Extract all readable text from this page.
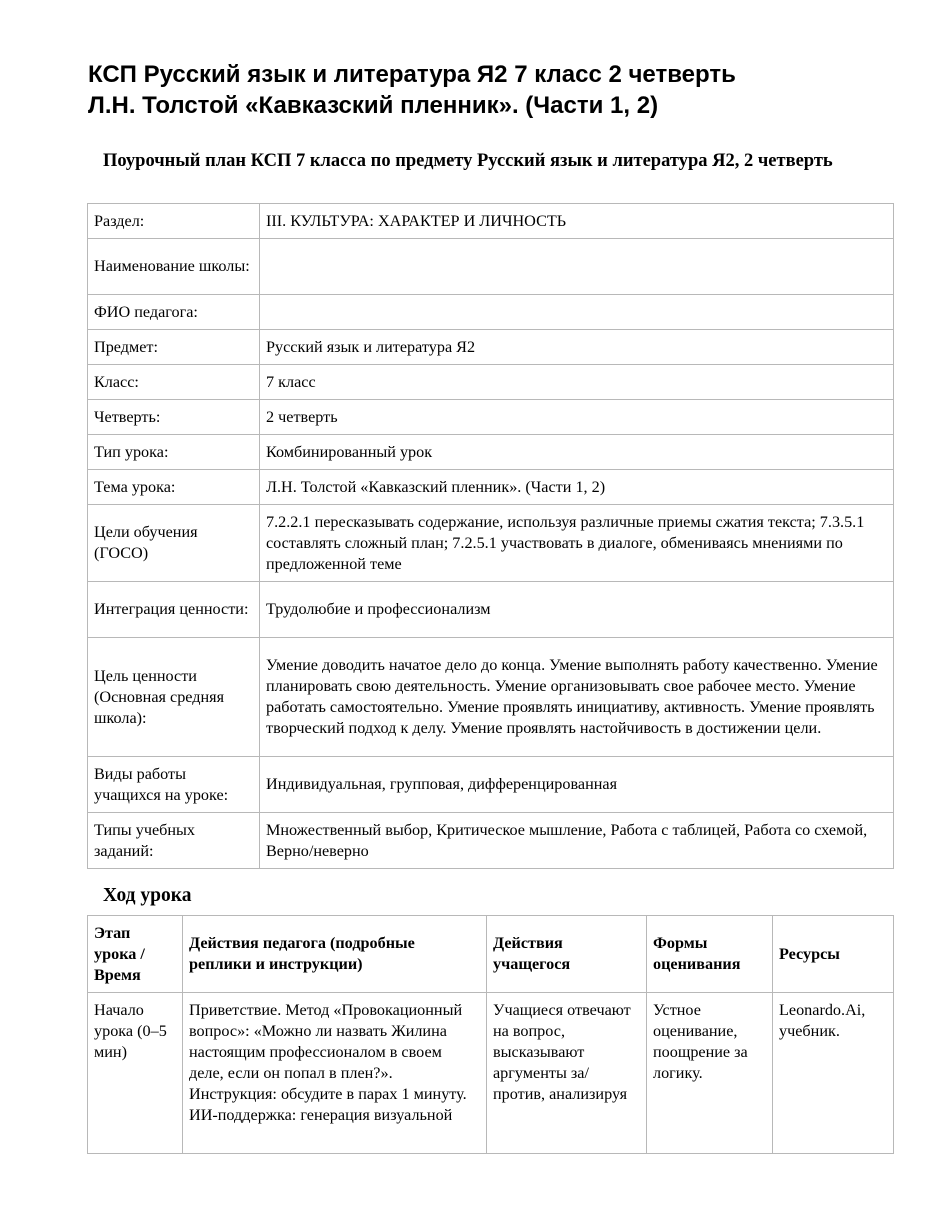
КСП Русский язык и литература Я2 7 класс 2 четверть
Л.Н. Толстой «Кавказский пленник». (Части 1, 2)
Поурочный план КСП 7 класса по предмету Русский язык и литература Я2, 2 четверть
Раздел:	III. КУЛЬТУРА: ХАРАКТЕР И ЛИЧНОСТЬ
Наименование школы:	
ФИО педагога:	
Предмет:	Русский язык и литература Я2
Класс:	7 класс
Четверть:	2 четверть
Тип урока:	Комбинированный урок
Тема урока:	Л.Н. Толстой «Кавказский пленник». (Части 1, 2)
Цели обучения (ГОСО)	7.2.2.1 пересказывать содержание, используя различные приемы сжатия текста; 7.3.5.1 составлять сложный план; 7.2.5.1 участвовать в диалоге, обмениваясь мнениями по предложенной теме
Интеграция ценности:	Трудолюбие и профессионализм
Цель ценности (Основная средняя школа):	Умение доводить начатое дело до конца. Умение выполнять работу качественно. Умение планировать свою деятельность. Умение организовывать свое рабочее место. Умение работать самостоятельно. Умение проявлять инициативу, активность. Умение проявлять творческий подход к делу. Умение проявлять настойчивость в достижении цели.
Виды работы учащихся на уроке:	Индивидуальная, групповая, дифференцированная
Типы учебных заданий:	Множественный выбор, Критическое мышление, Работа с таблицей, Работа со схемой, Верно/неверно
Ход урока
Этап урока / Время	Действия педагога (подробные реплики и инструкции)	Действия учащегося	Формы оценивания	Ресурсы
Начало урока (0–5 мин)	Приветствие. Метод «Провокационный вопрос»: «Можно ли назвать Жилина настоящим профессионалом в своем деле, если он попал в плен?». Инструкция: обсудите в парах 1 минуту. ИИ-поддержка: генерация визуальной	Учащиеся отвечают на вопрос, высказывают аргументы за/против, анализируя	Устное оценивание, поощрение за логику.	Leonardo.Ai, учебник.
